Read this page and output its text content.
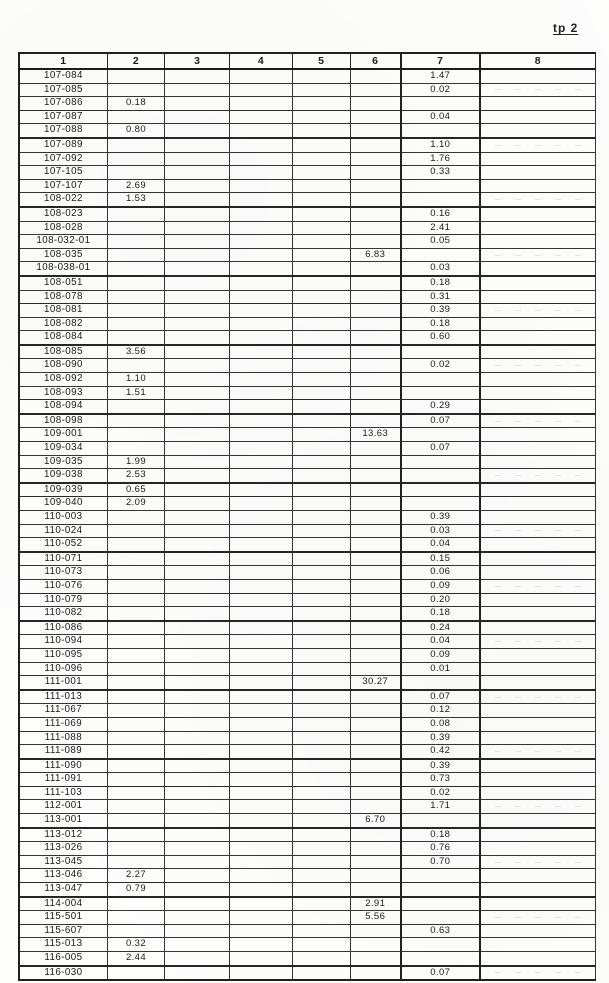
tp 2
1	2	3	4	5	6	7	8
107-084						1.47	
107-085						0.02	
107-086	0.18						
107-087						0.04	
107-088	0.80						
107-089						1.10	
107-092						1.76	
107-105						0.33	
107-107	2.69						
108-022	1.53						
108-023						0.16	
108-028						2.41	
108-032-01						0.05	
108-035					6.83		
108-038-01						0.03	
108-051						0.18	
108-078						0.31	
108-081						0.39	
108-082						0.18	
108-084						0.60	
108-085	3.56						
108-090						0.02	
108-092	1.10						
108-093	1.51						
108-094						0.29	
108-098						0.07	
109-001					13.63		
109-034						0.07	
109-035	1.99						
109-038	2.53						
109-039	0.65						
109-040	2.09						
110-003						0.39	
110-024						0.03	
110-052						0.04	
110-071						0.15	
110-073						0.06	
110-076						0.09	
110-079						0.20	
110-082						0.18	
110-086						0.24	
110-094						0.04	
110-095						0.09	
110-096						0.01	
111-001					30.27		
111-013						0.07	
111-067						0.12	
111-069						0.08	
111-088						0.39	
111-089						0.42	
111-090						0.39	
111-091						0.73	
111-103						0.02	
112-001						1.71	
113-001					6.70		
113-012						0.18	
113-026						0.76	
113-045						0.70	
113-046	2.27						
113-047	0.79						
114-004					2.91		
115-501					5.56		
115-607						0.63	
115-013	0.32						
116-005	2.44						
116-030						0.07	
